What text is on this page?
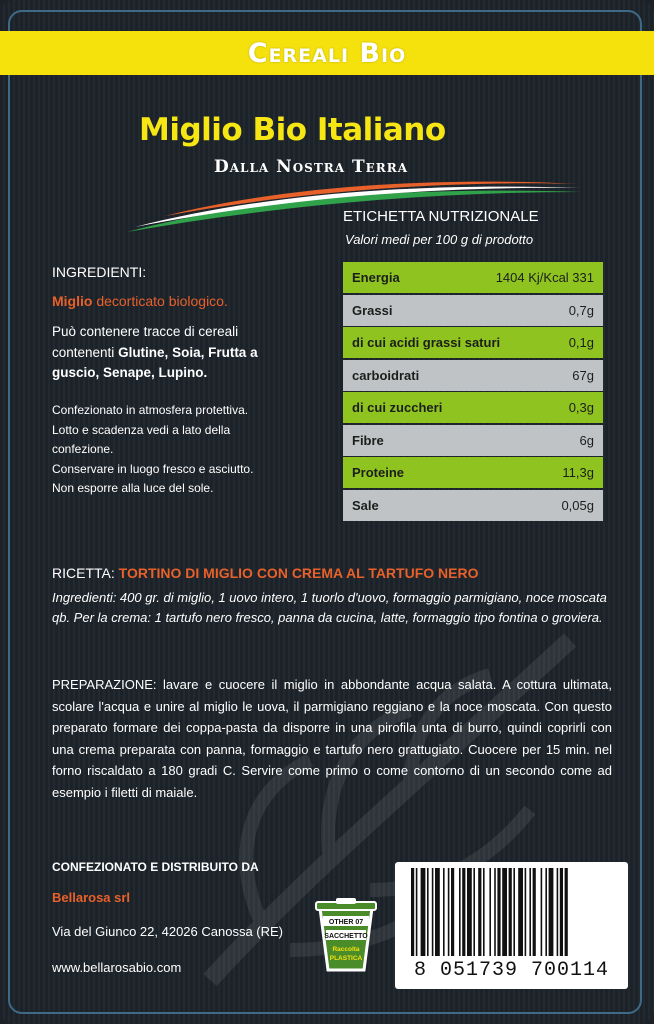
Cereali Bio
Miglio Bio Italiano
Dalla Nostra Terra
ETICHETTA NUTRIZIONALE
Valori medi per 100 g di prodotto
Energia	1404 Kj/Kcal 331
Grassi	0,7g
di cui acidi grassi saturi	0,1g
carboidrati	67g
di cui zuccheri	0,3g
Fibre	6g
Proteine	11,3g
Sale	0,05g
INGREDIENTI:
Miglio decorticato biologico.
Può contenere tracce di cereali contenenti Glutine, Soia, Frutta a guscio, Senape, Lupino.
Confezionato in atmosfera protettiva.
Lotto e scadenza vedi a lato della confezione.
Conservare in luogo fresco e asciutto.
Non esporre alla luce del sole.
RICETTA: TORTINO DI MIGLIO CON CREMA AL TARTUFO NERO
Ingredienti: 400 gr. di miglio, 1 uovo intero, 1 tuorlo d'uovo, formaggio parmigiano, noce moscata qb. Per la crema: 1 tartufo nero fresco, panna da cucina, latte, formaggio tipo fontina o groviera.
PREPARAZIONE: lavare e cuocere il miglio in abbondante acqua salata. A cottura ultimata, scolare l'acqua e unire al miglio le uova, il parmigiano reggiano e la noce moscata. Con questo preparato formare dei coppa-pasta da disporre in una pirofila unta di burro, quindi coprirli con una crema preparata con panna, formaggio e tartufo nero grattugiato. Cuocere per 15 min. nel forno riscaldato a 180 gradi C. Servire come primo o come contorno di un secondo come ad esempio i filetti di maiale.
CONFEZIONATO E DISTRIBUITO DA
Bellarosa srl
Via del Giunco 22, 42026 Canossa (RE)
www.bellarosabio.com
OTHER 07
SACCHETTO
Raccolta
PLASTICA
8 051739 700114
